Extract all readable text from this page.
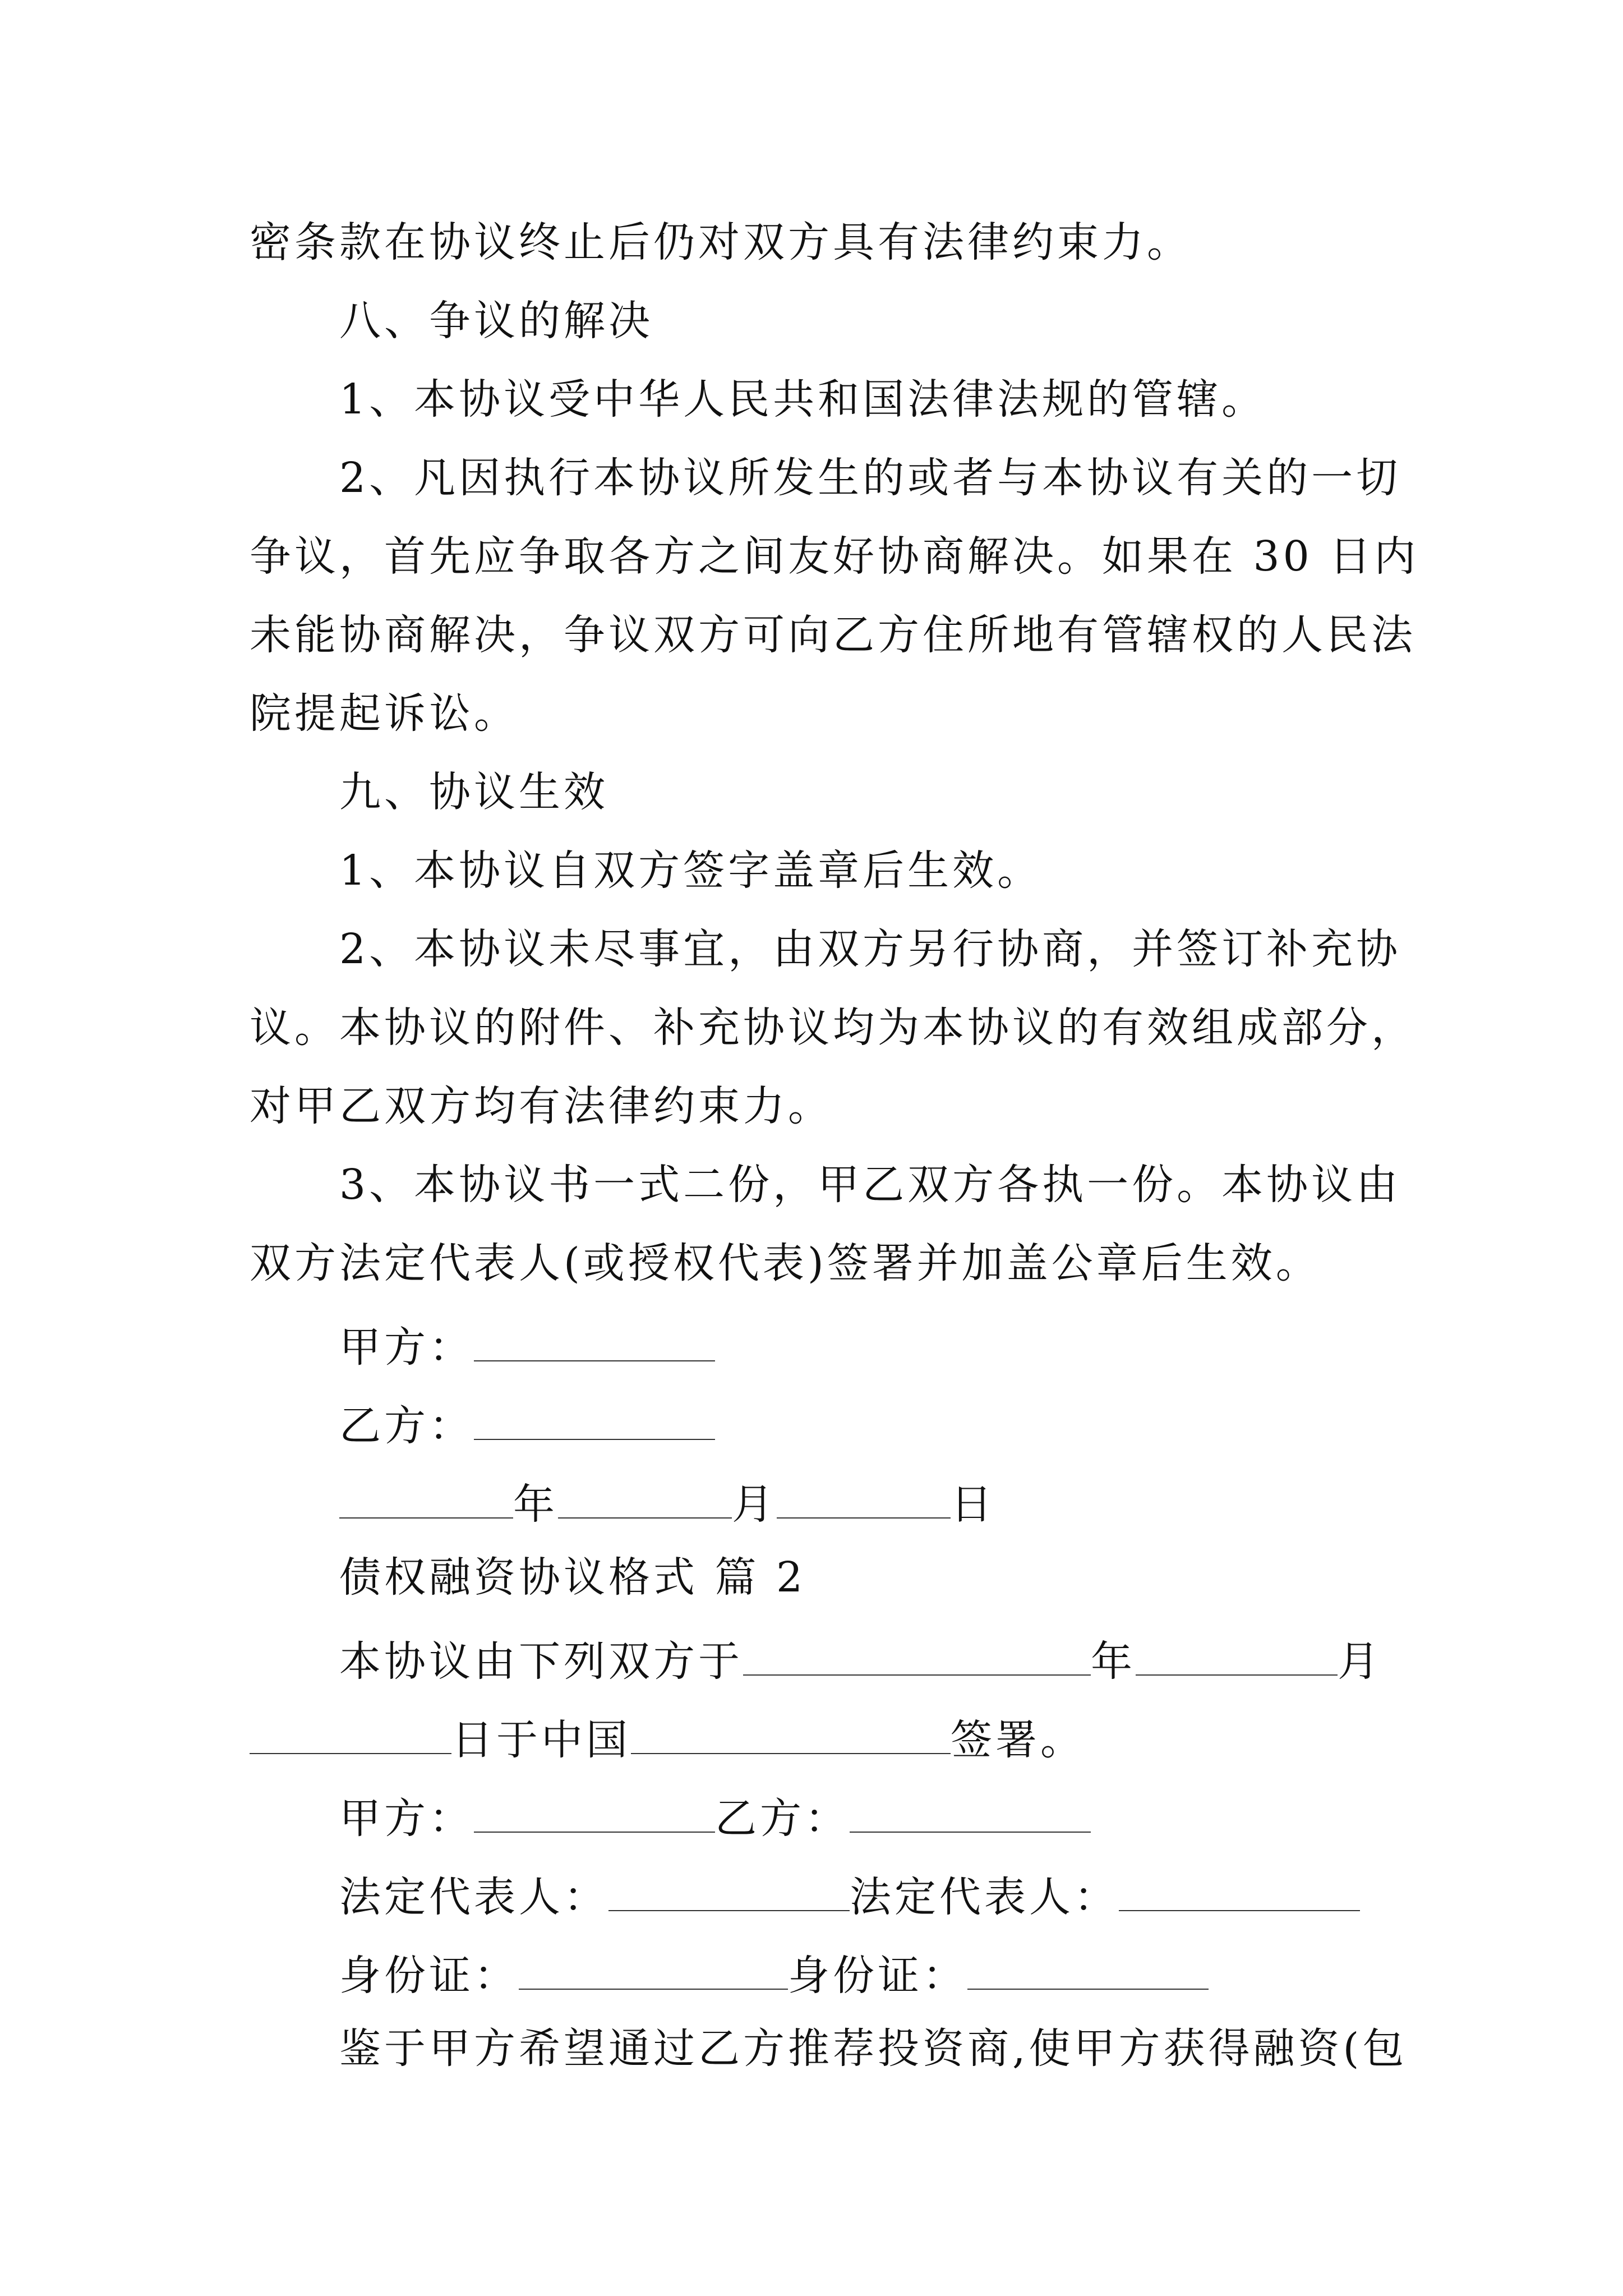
密条款在协议终止后仍对双方具有法律约束力。
八、争议的解决
1、本协议受中华人民共和国法律法规的管辖。
2、凡因执行本协议所发生的或者与本协议有关的一切
争议，首先应争取各方之间友好协商解决。如果在 30 日内
未能协商解决，争议双方可向乙方住所地有管辖权的人民法
院提起诉讼。
九、协议生效
1、本协议自双方签字盖章后生效。
2、本协议未尽事宜，由双方另行协商，并签订补充协
议。本协议的附件、补充协议均为本协议的有效组成部分，
对甲乙双方均有法律约束力。
3、本协议书一式二份，甲乙双方各执一份。本协议由
双方法定代表人(或授权代表)签署并加盖公章后生效。
甲方：
乙方：
年	月	日
债权融资协议格式 篇 2
本协议由下列双方于	年	月
日于中国	签署。
甲方：	乙方：
法定代表人：	法定代表人：
身份证：	身份证：
鉴于甲方希望通过乙方推荐投资商,使甲方获得融资(包
